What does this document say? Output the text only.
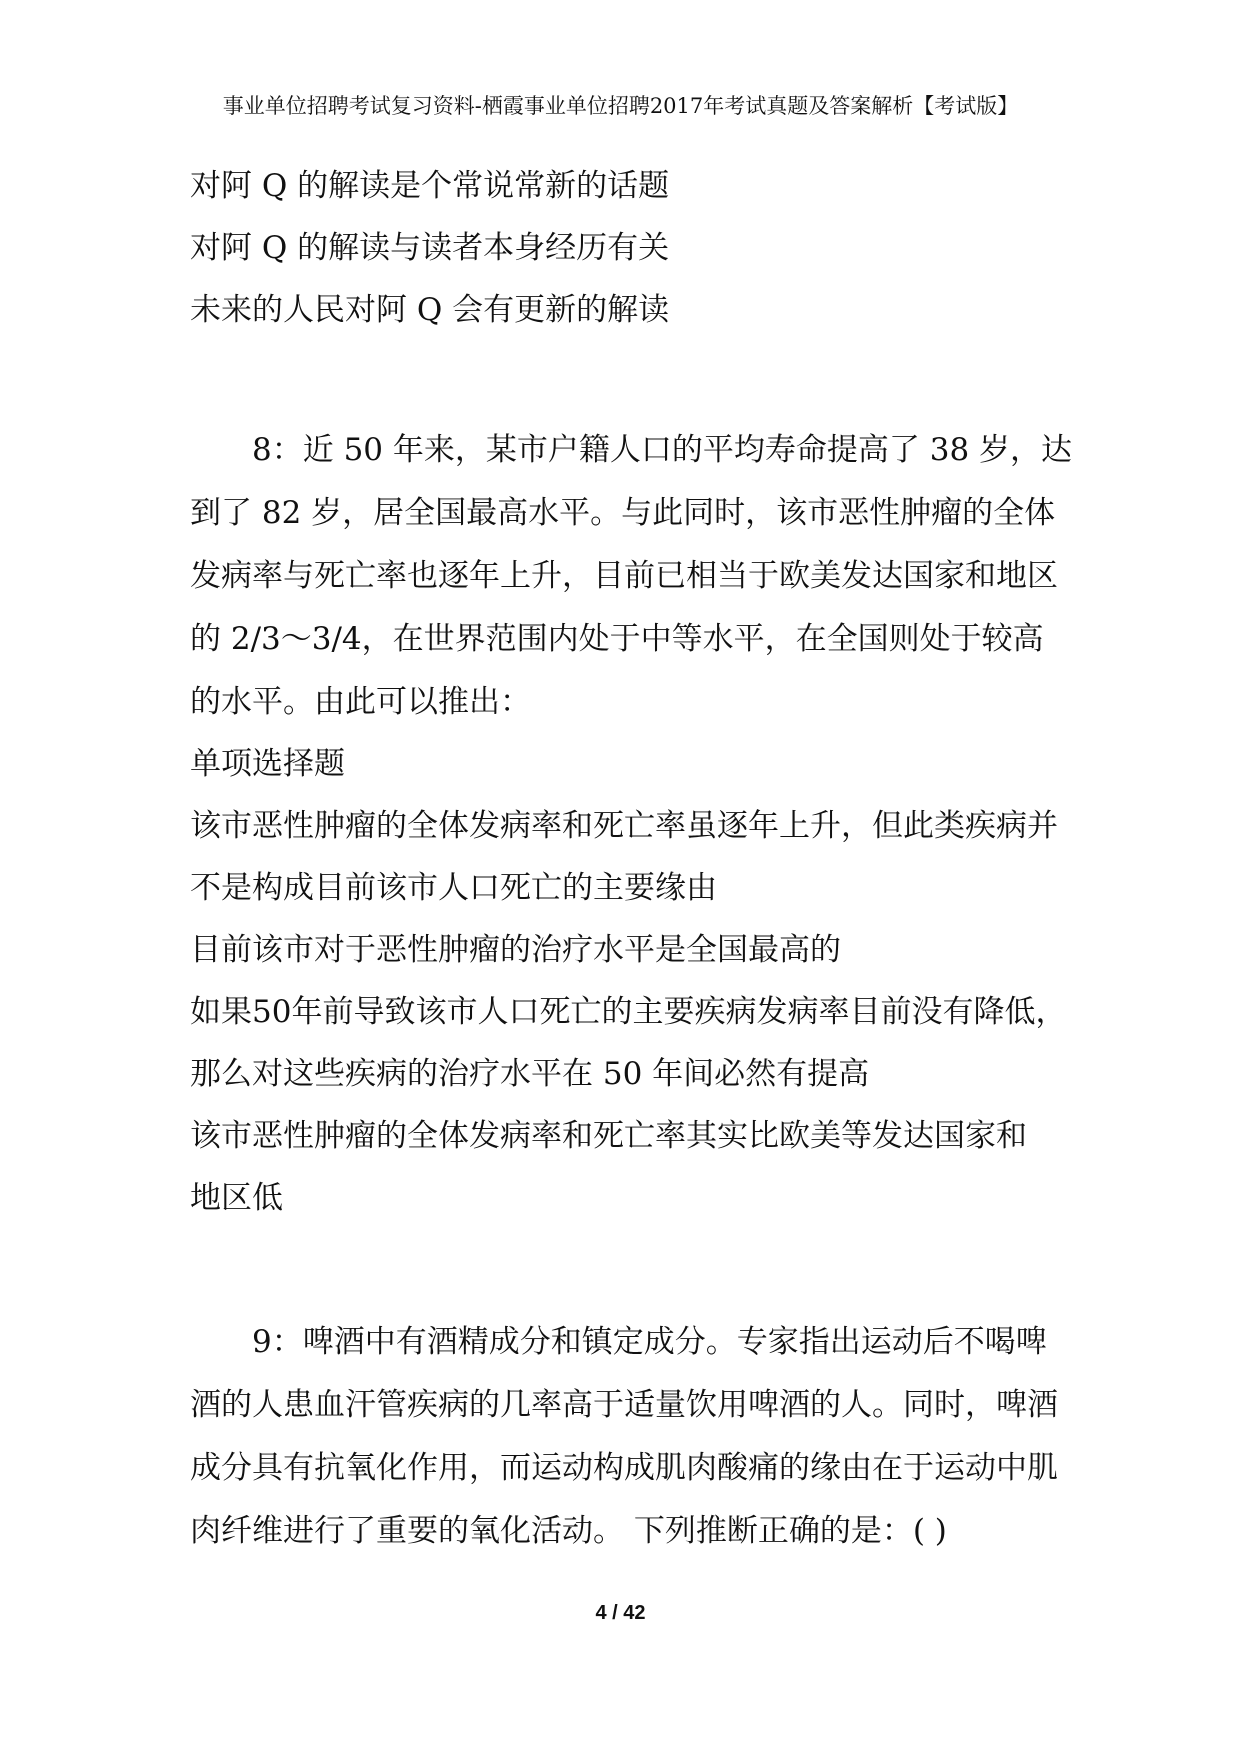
事业单位招聘考试复习资料-栖霞事业单位招聘2017年考试真题及答案解析【考试版】
对阿 Q 的解读是个常说常新的话题
对阿 Q 的解读与读者本身经历有关
未来的人民对阿 Q 会有更新的解读
8：近 50 年来，某市户籍人口的平均寿命提高了 38 岁，达
到了 82 岁，居全国最高水平。与此同时，该市恶性肿瘤的全体
发病率与死亡率也逐年上升，目前已相当于欧美发达国家和地区
的 2/3～3/4，在世界范围内处于中等水平，在全国则处于较高
的水平。由此可以推出：
单项选择题
该市恶性肿瘤的全体发病率和死亡率虽逐年上升，但此类疾病并
不是构成目前该市人口死亡的主要缘由
目前该市对于恶性肿瘤的治疗水平是全国最高的
如果50年前导致该市人口死亡的主要疾病发病率目前没有降低，
那么对这些疾病的治疗水平在 50 年间必然有提高
该市恶性肿瘤的全体发病率和死亡率其实比欧美等发达国家和
地区低
9：啤酒中有酒精成分和镇定成分。专家指出运动后不喝啤
酒的人患血汗管疾病的几率高于适量饮用啤酒的人。同时，啤酒
成分具有抗氧化作用，而运动构成肌肉酸痛的缘由在于运动中肌
肉纤维进行了重要的氧化活动。 下列推断正确的是：( )
4 / 42
